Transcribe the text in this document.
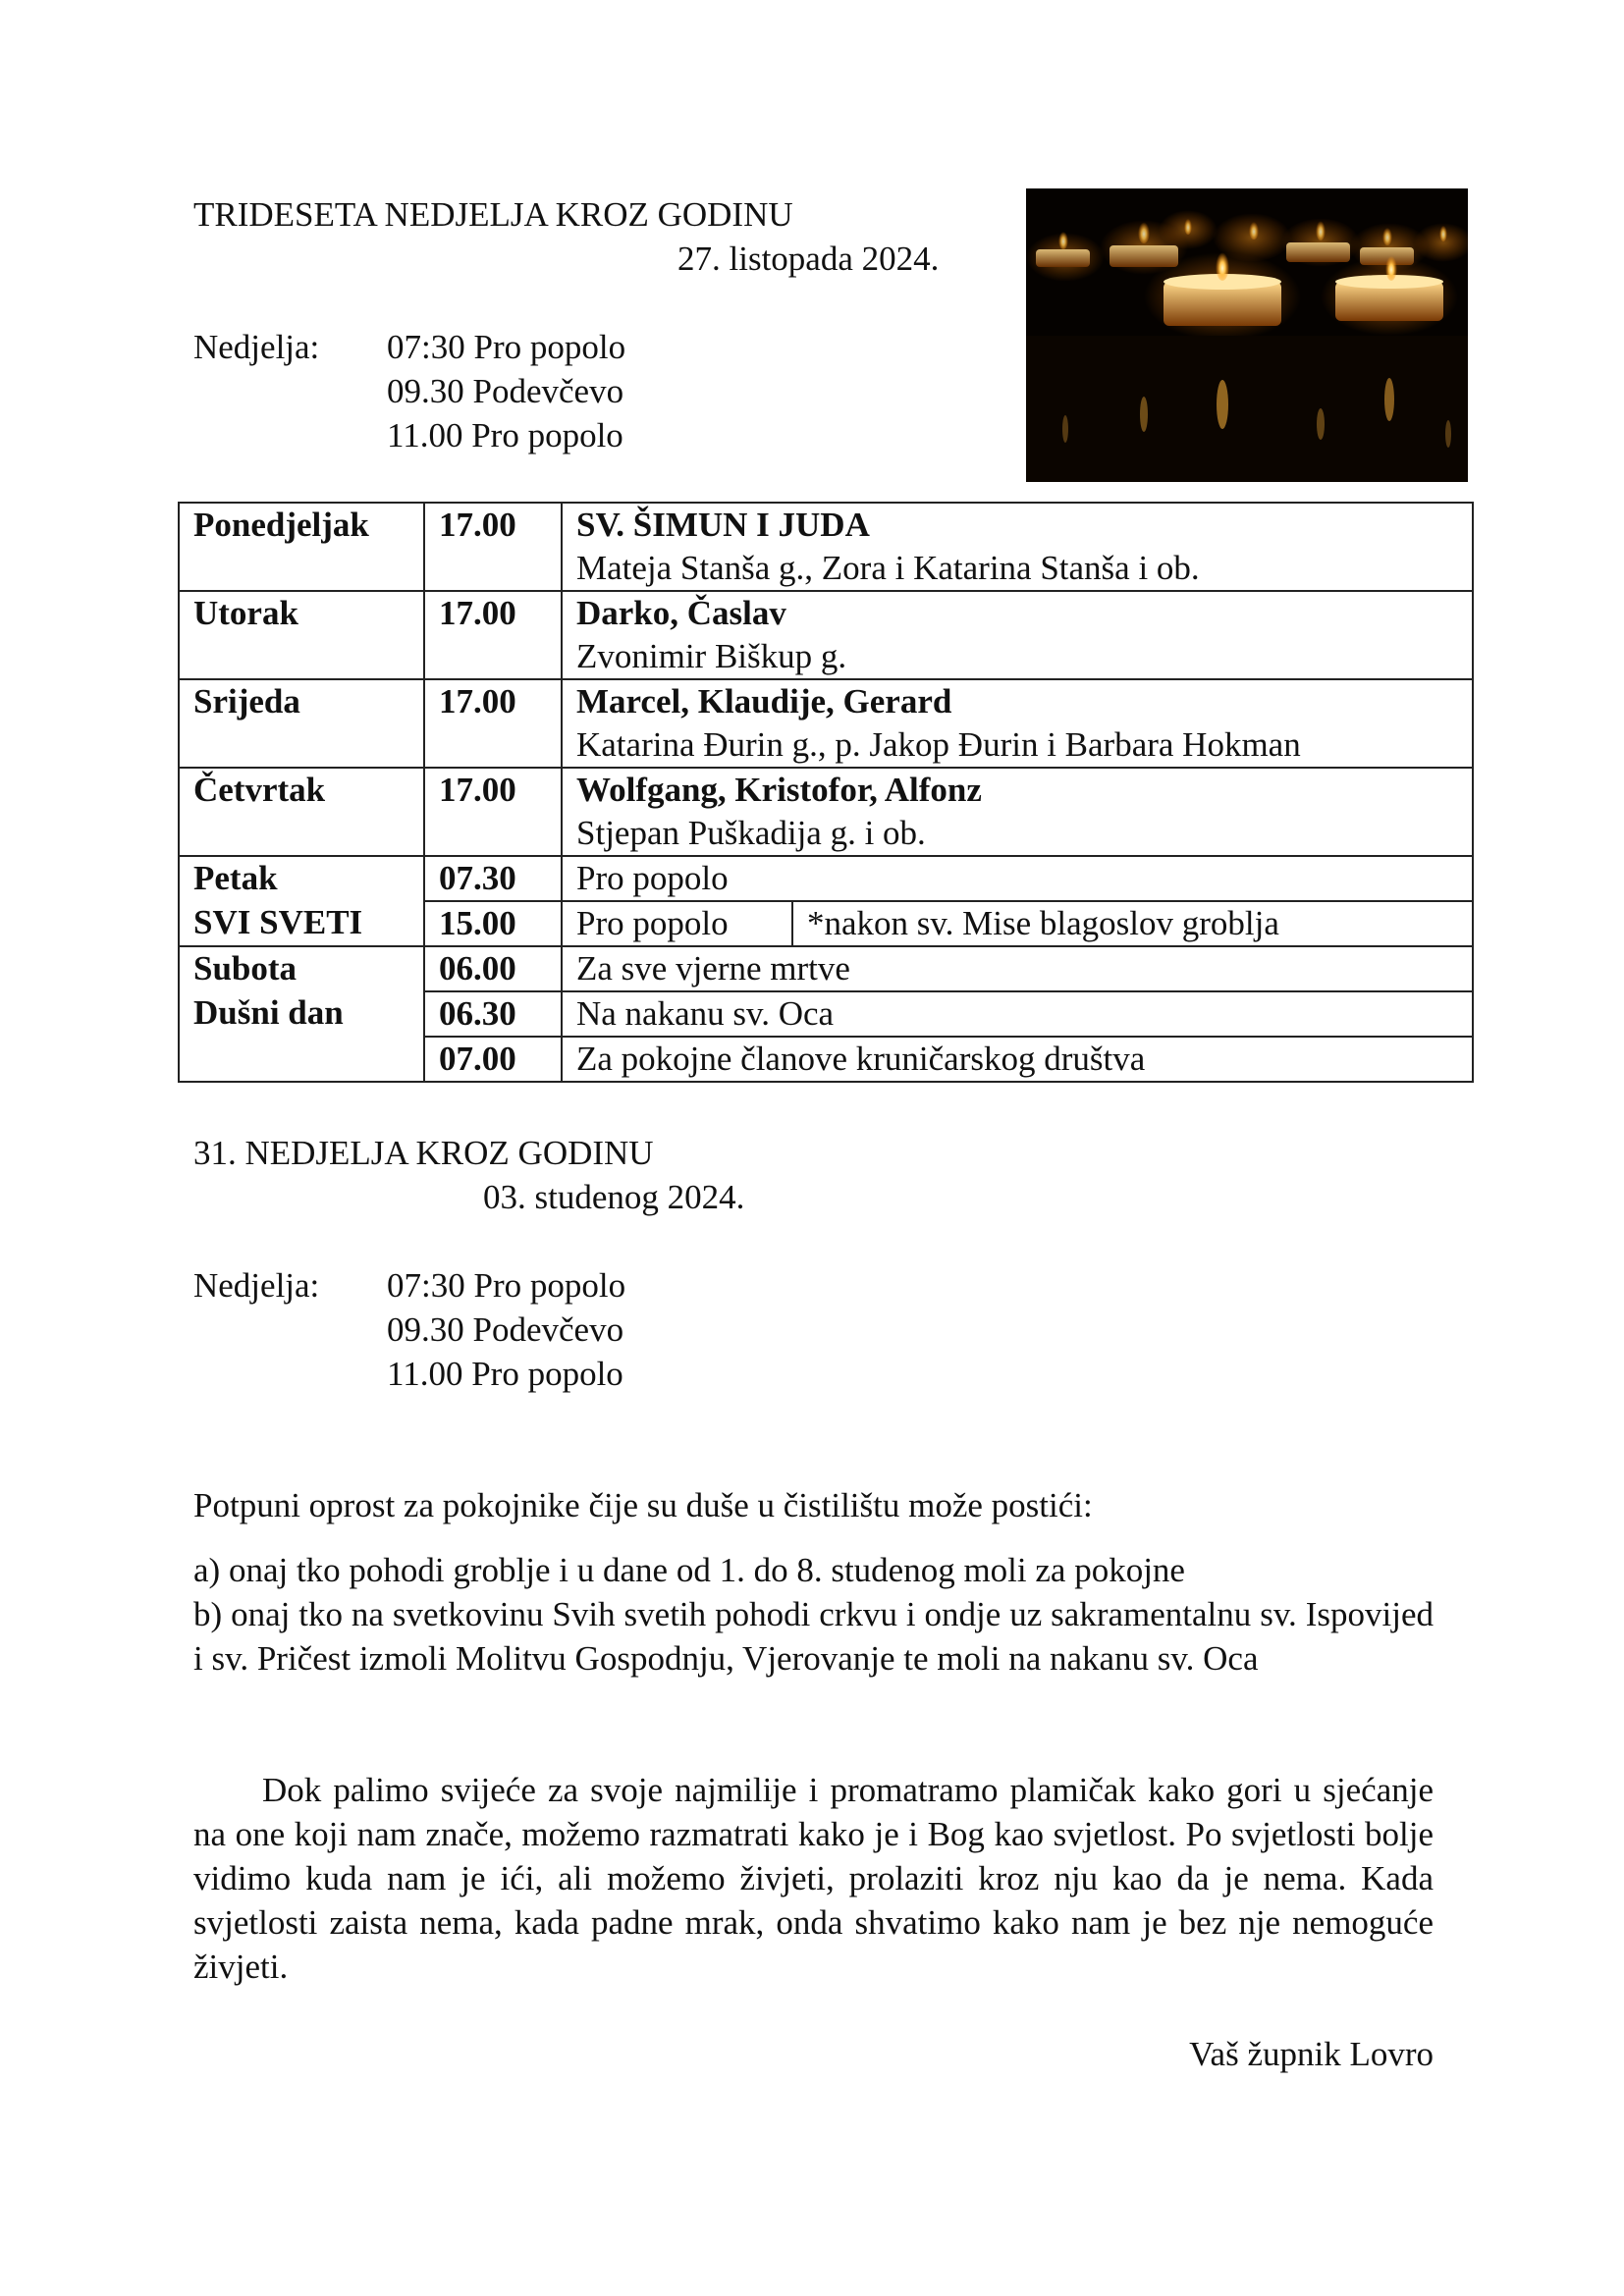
TRIDESETA NEDJELJA KROZ GODINU
27. listopada 2024.
Nedjelja: 07:30 Pro popolo
09.30 Podevčevo
11.00 Pro popolo
Ponedjeljak	17.00	SV. ŠIMUN I JUDA
Mateja Stanša g., Zora i Katarina Stanša i ob.

Utorak	17.00	Darko, Časlav
Zvonimir Biškup g.

Srijeda	17.00	Marcel, Klaudije, Gerard
Katarina Đurin g., p. Jakop Đurin i Barbara Hokman

Četvrtak	17.00	Wolfgang, Kristofor, Alfonz
Stjepan Puškadija g. i ob.

Petak	07.30	Pro popolo
SVI SVETI	15.00	Pro popolo *nakon sv. Mise blagoslov groblja

Subota	06.00	Za sve vjerne mrtve
Dušni dan	06.30	Na nakanu sv. Oca
	07.00	Za pokojne članove kruničarskog društva
31. NEDJELJA KROZ GODINU
03. studenog 2024.
Nedjelja: 07:30 Pro popolo
09.30 Podevčevo
11.00 Pro popolo
Potpuni oprost za pokojnike čije su duše u čistilištu može postići:
a) onaj tko pohodi groblje i u dane od 1. do 8. studenog moli za pokojne
b) onaj tko na svetkovinu Svih svetih pohodi crkvu i ondje uz sakramentalnu sv. Ispovijed i sv. Pričest izmoli Molitvu Gospodnju, Vjerovanje te moli na nakanu sv. Oca
Dok palimo svijeće za svoje najmilije i promatramo plamičak kako gori u sjećanje na one koji nam znače, možemo razmatrati kako je i Bog kao svjetlost. Po svjetlosti bolje vidimo kuda nam je ići, ali možemo živjeti, prolaziti kroz nju kao da je nema. Kada svjetlosti zaista nema, kada padne mrak, onda shvatimo kako nam je bez nje nemoguće živjeti.
Vaš župnik Lovro
